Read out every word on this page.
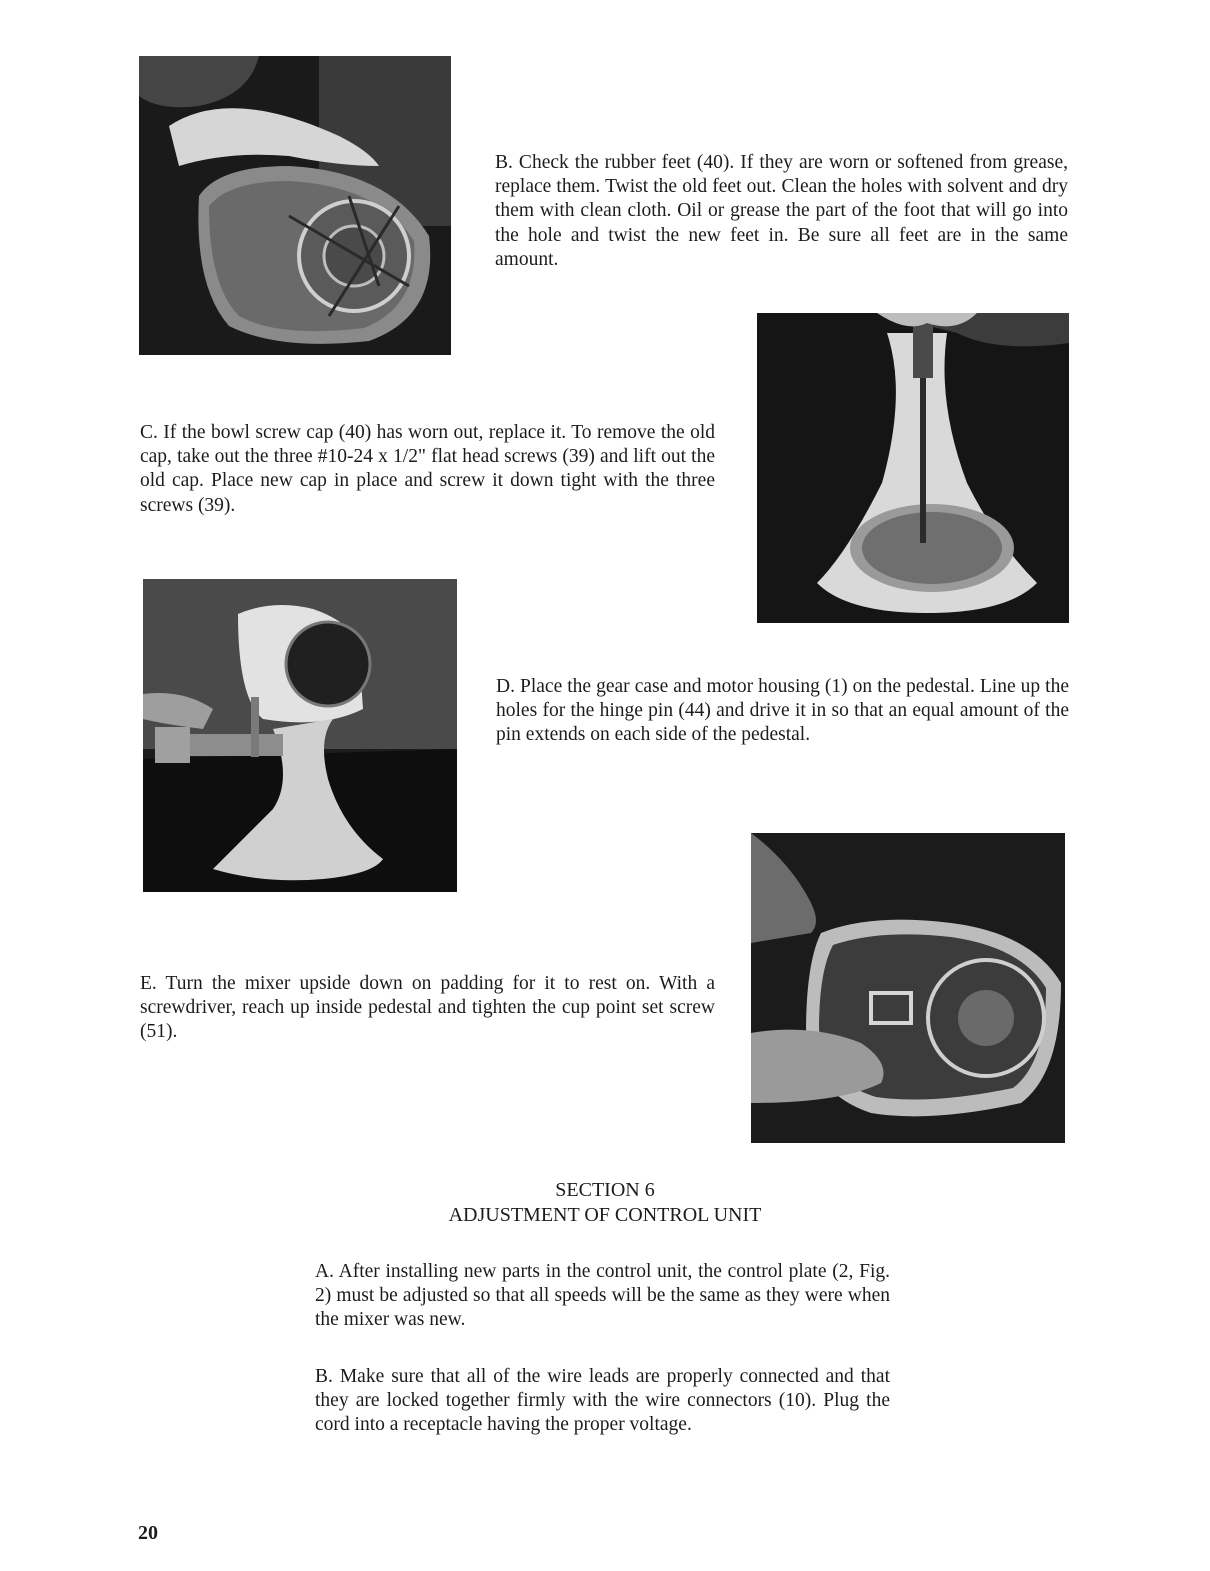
B. Check the rubber feet (40). If they are worn or softened from grease, replace them. Twist the old feet out. Clean the holes with solvent and dry them with clean cloth. Oil or grease the part of the foot that will go into the hole and twist the new feet in. Be sure all feet are in the same amount.

C. If the bowl screw cap (40) has worn out, replace it. To remove the old cap, take out the three #10-24 x 1/2" flat head screws (39) and lift out the old cap. Place new cap in place and screw it down tight with the three screws (39).

D. Place the gear case and motor housing (1) on the pedestal. Line up the holes for the hinge pin (44) and drive it in so that an equal amount of the pin extends on each side of the pedestal.

E. Turn the mixer upside down on padding for it to rest on. With a screwdriver, reach up inside pedestal and tighten the cup point set screw (51).

SECTION 6

ADJUSTMENT OF CONTROL UNIT

A. After installing new parts in the control unit, the control plate (2, Fig. 2) must be adjusted so that all speeds will be the same as they were when the mixer was new.

B. Make sure that all of the wire leads are properly connected and that they are locked together firmly with the wire connectors (10). Plug the cord into a receptacle having the proper voltage.

20
